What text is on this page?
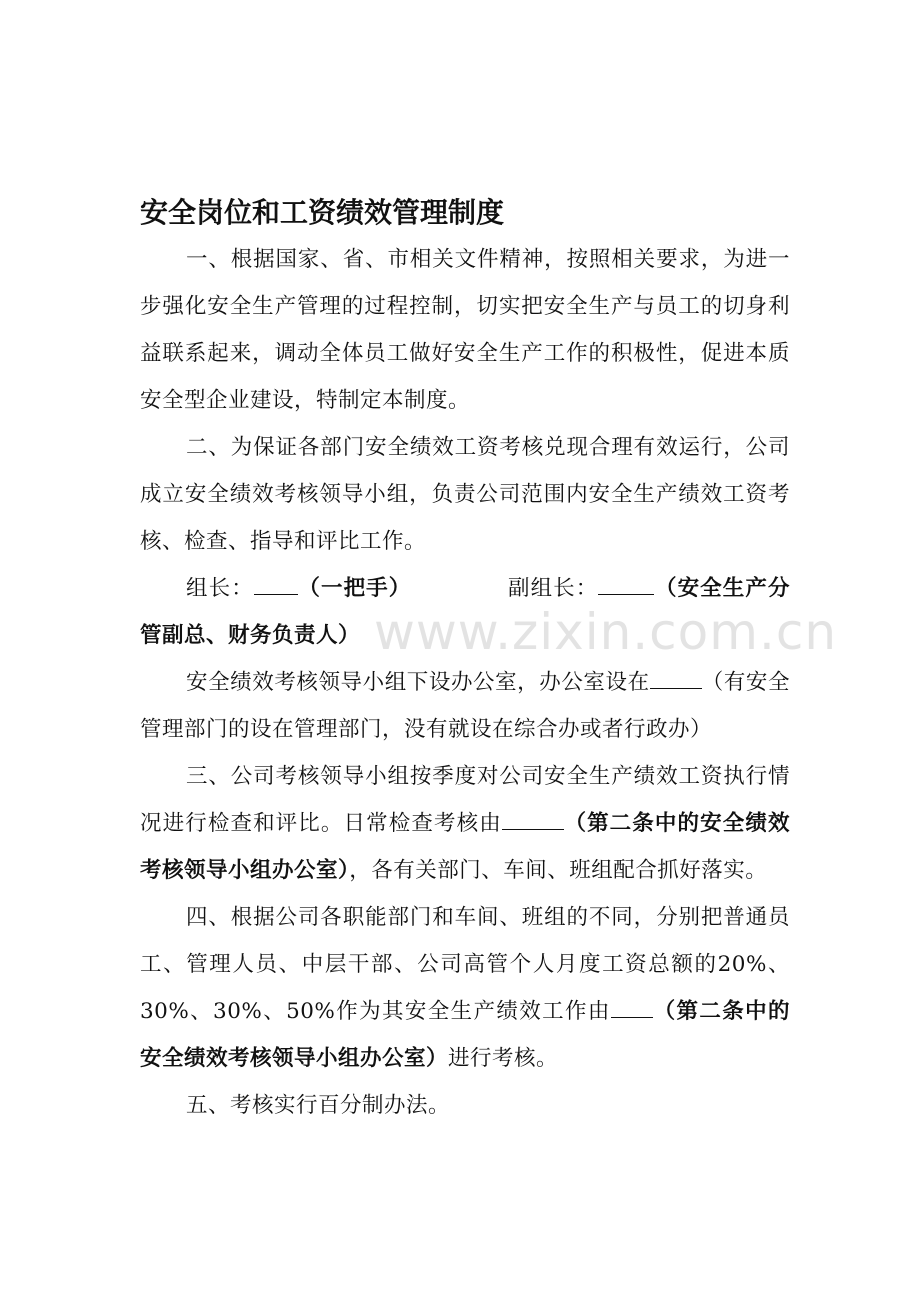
安全岗位和工资绩效管理制度

一、根据国家、省、市相关文件精神，按照相关要求，为进一步强化安全生产管理的过程控制，切实把安全生产与员工的切身利益联系起来，调动全体员工做好安全生产工作的积极性，促进本质安全型企业建设，特制定本制度。

二、为保证各部门安全绩效工资考核兑现合理有效运行，公司成立安全绩效考核领导小组，负责公司范围内安全生产绩效工资考核、检查、指导和评比工作。

组长： （一把手）	副组长：	（安全生产分管副总、财务负责人）

安全绩效考核领导小组下设办公室，办公室设在 （有安全管理部门的设在管理部门，没有就设在综合办或者行政办）

三、公司考核领导小组按季度对公司安全生产绩效工资执行情况进行检查和评比。日常检查考核由	（第二条中的安全绩效考核领导小组办公室），各有关部门、车间、班组配合抓好落实。

四、根据公司各职能部门和车间、班组的不同，分别把普通员工、管理人员、中层干部、公司高管个人月度工资总额的20%、30%、30%、50%作为其安全生产绩效工作由 （第二条中的安全绩效考核领导小组办公室）进行考核。

五、考核实行百分制办法。

www.zixin.com.cn
